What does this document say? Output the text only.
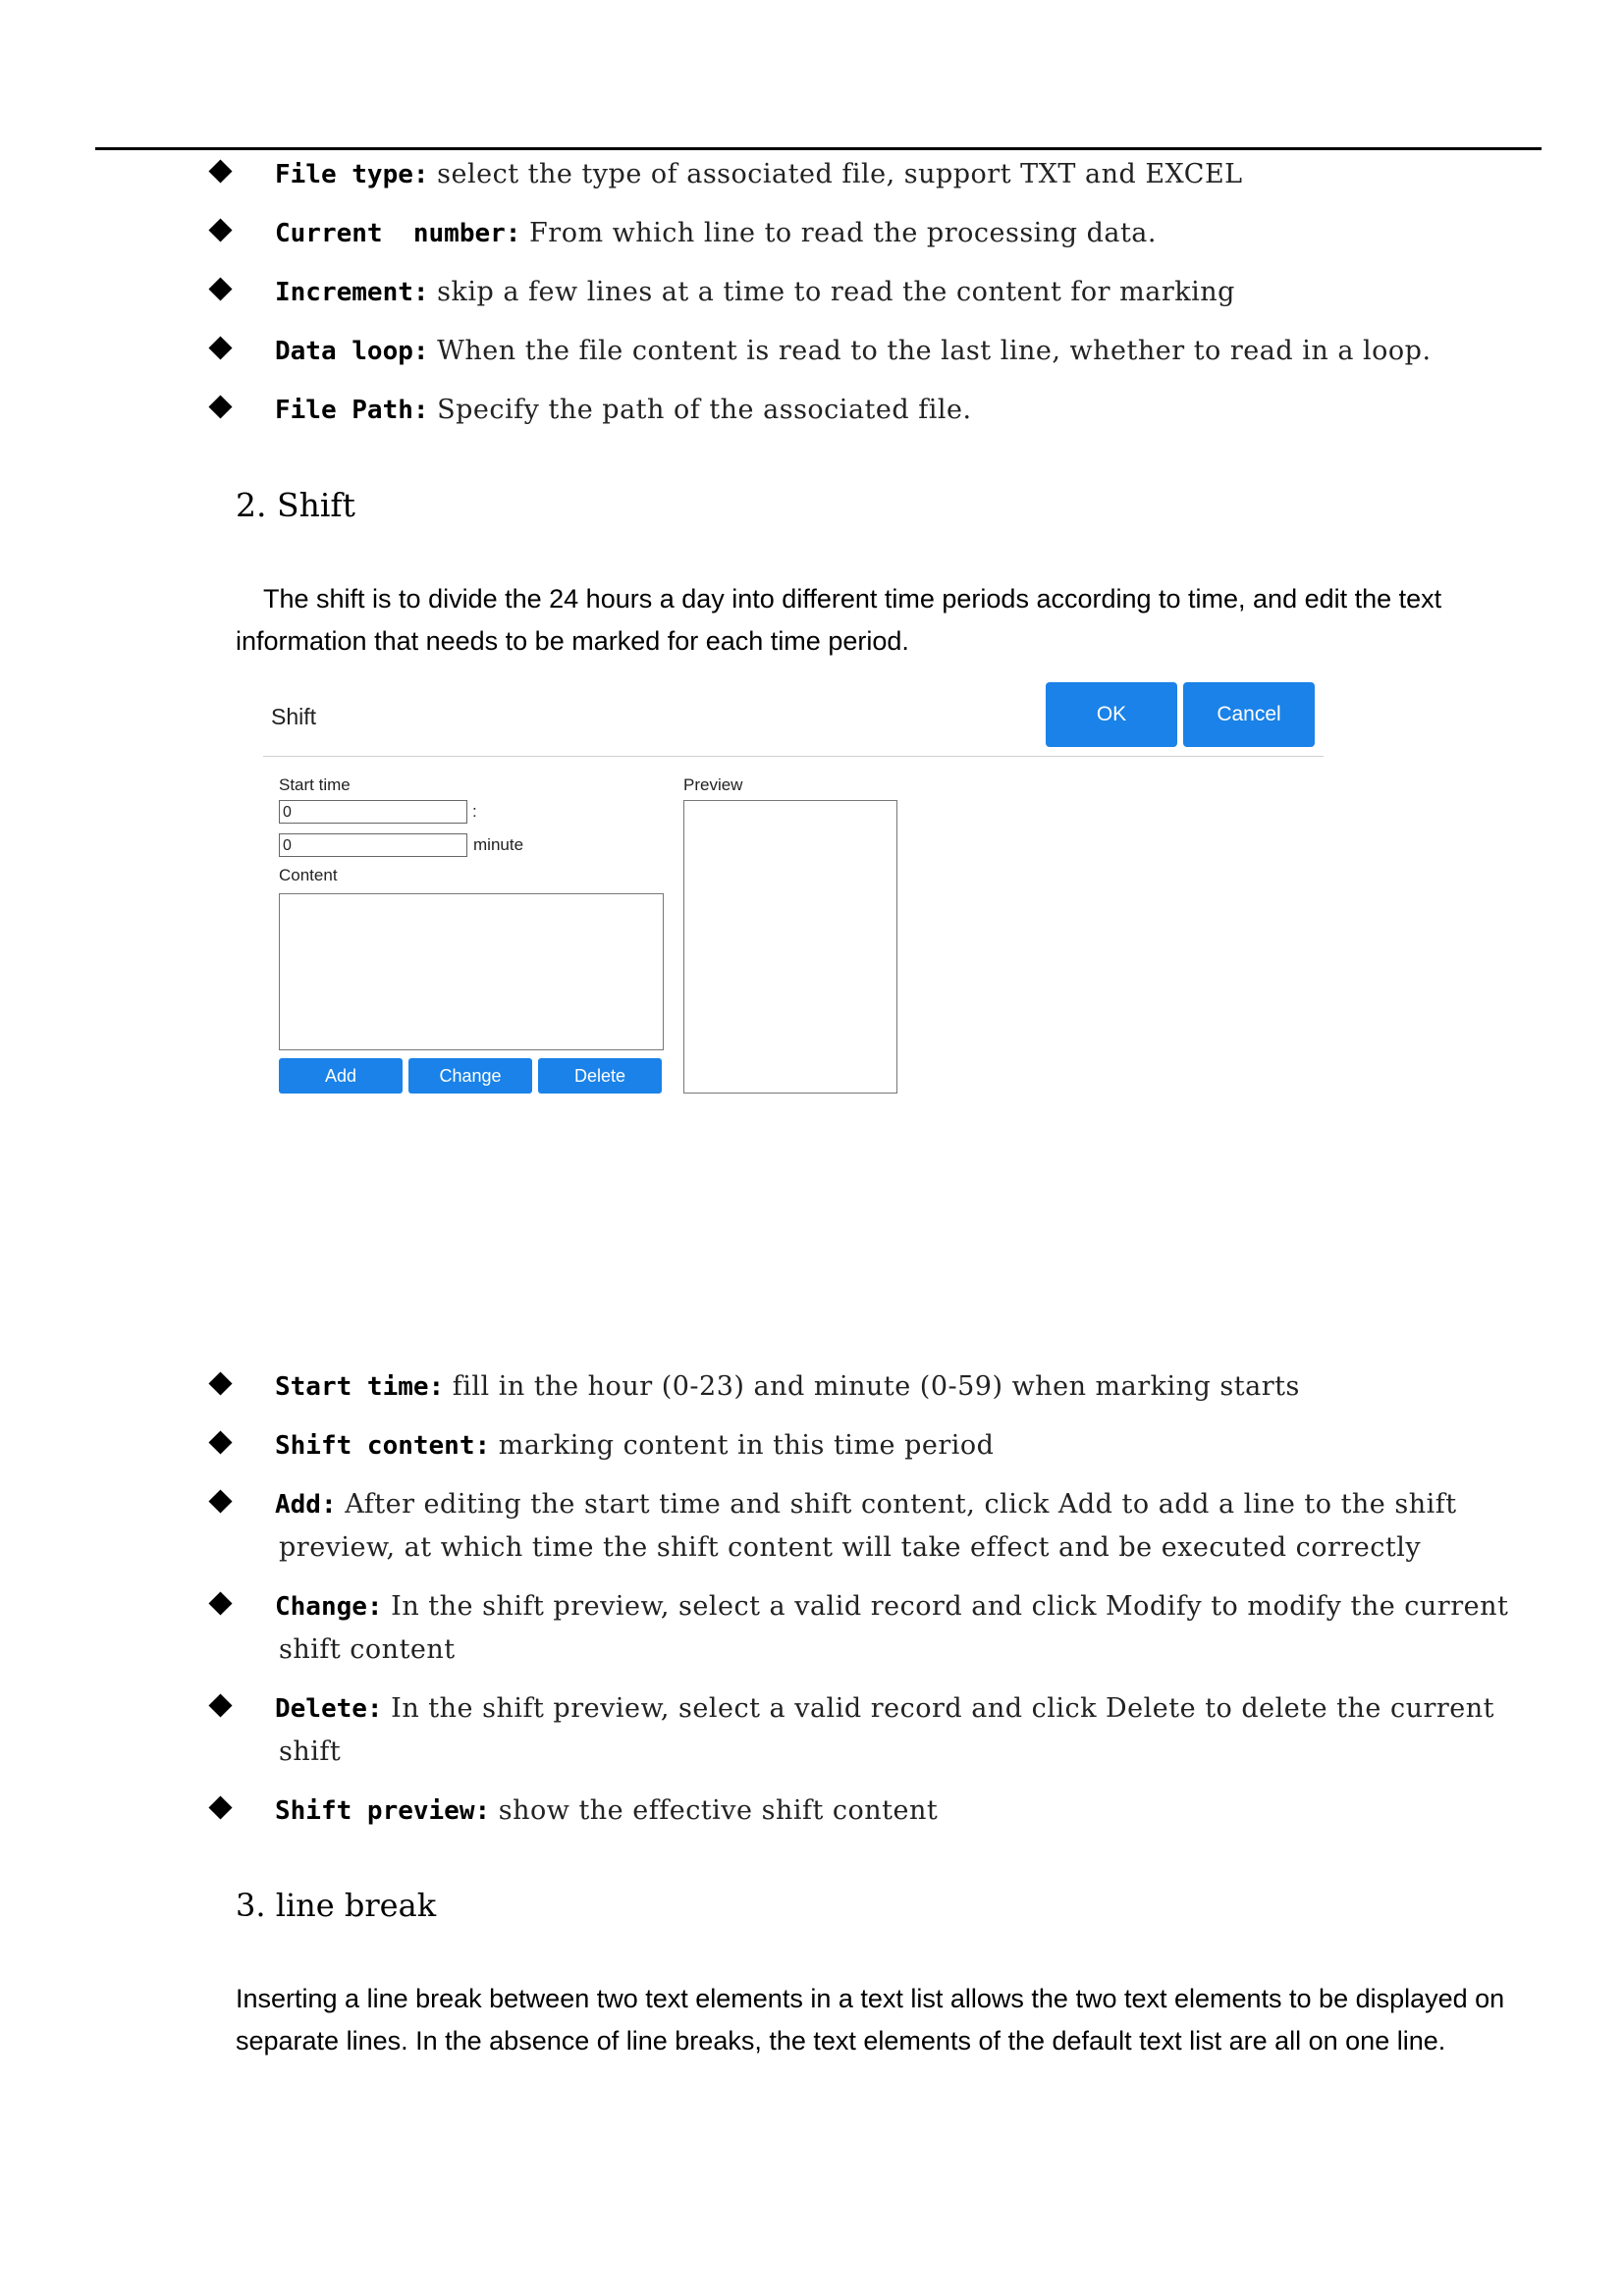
File type: select the type of associated file, support TXT and EXCEL
Current  number: From which line to read the processing data.
Increment: skip a few lines at a time to read the content for marking
Data loop: When the file content is read to the last line, whether to read in a loop.
File Path: Specify the path of the associated file.
2. Shift
The shift is to divide the 24 hours a day into different time periods according to time, and edit the text
information that needs to be marked for each time period.
Shift	OK	Cancel
Start time
0	:
0	minute
Content
Preview
Add	Change	Delete
Start time: fill in the hour (0-23) and minute (0-59) when marking starts
Shift content: marking content in this time period
Add: After editing the start time and shift content, click Add to add a line to the shift
preview, at which time the shift content will take effect and be executed correctly
Change: In the shift preview, select a valid record and click Modify to modify the current
shift content
Delete: In the shift preview, select a valid record and click Delete to delete the current
shift
Shift preview: show the effective shift content
3. line break
Inserting a line break between two text elements in a text list allows the two text elements to be displayed on
separate lines. In the absence of line breaks, the text elements of the default text list are all on one line.
